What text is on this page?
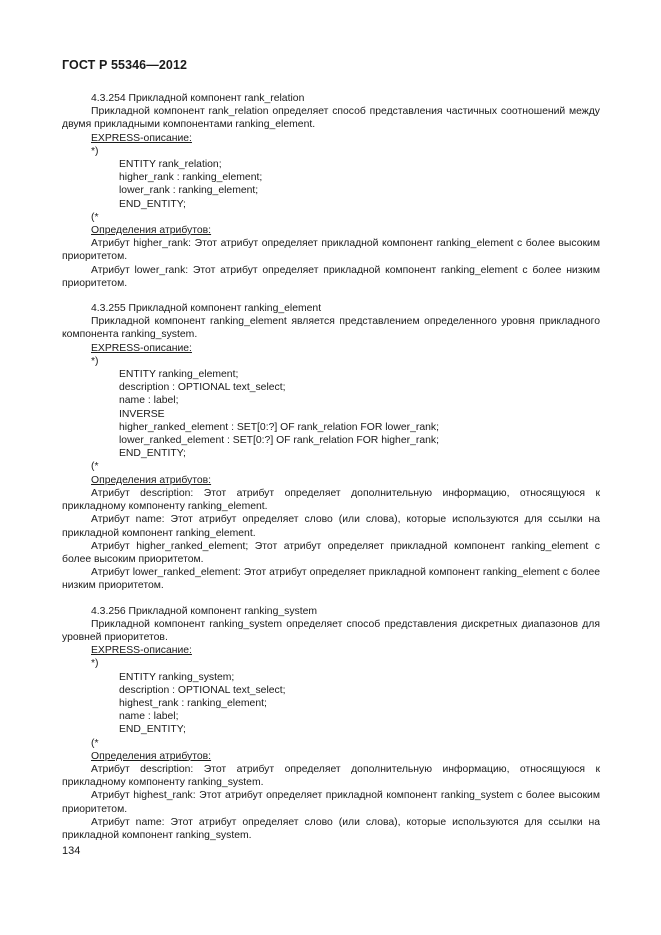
ГОСТ Р 55346—2012

4.3.254 Прикладной компонент rank_relation

Прикладной компонент rank_relation определяет способ представления частичных соотношений между двумя прикладными компонентами ranking_element.

EXPRESS-описание:

*)

ENTITY rank_relation;

higher_rank : ranking_element;

lower_rank : ranking_element;

END_ENTITY;

(*

Определения атрибутов:

Атрибут higher_rank: Этот атрибут определяет прикладной компонент ranking_element с более высоким приоритетом.

Атрибут lower_rank: Этот атрибут определяет прикладной компонент ranking_element с более низким приоритетом.

4.3.255 Прикладной компонент ranking_element

Прикладной компонент ranking_element является представлением определенного уровня прикладного компонента ranking_system.

EXPRESS-описание:

*)

ENTITY ranking_element;

description : OPTIONAL text_select;

name : label;

INVERSE

higher_ranked_element : SET[0:?] OF rank_relation FOR lower_rank;

lower_ranked_element : SET[0:?] OF rank_relation FOR higher_rank;

END_ENTITY;

(*

Определения атрибутов:

Атрибут description: Этот атрибут определяет дополнительную информацию, относящуюся к прикладному компоненту ranking_element.

Атрибут name: Этот атрибут определяет слово (или слова), которые используются для ссылки на прикладной компонент ranking_element.

Атрибут higher_ranked_element; Этот атрибут определяет прикладной компонент ranking_element с более высоким приоритетом.

Атрибут lower_ranked_element: Этот атрибут определяет прикладной компонент ranking_element с более низким приоритетом.

4.3.256 Прикладной компонент ranking_system

Прикладной компонент ranking_system определяет способ представления дискретных диапазонов для уровней приоритетов.

EXPRESS-описание:

*)

ENTITY ranking_system;

description : OPTIONAL text_select;

highest_rank : ranking_element;

name : label;

END_ENTITY;

(*

Определения атрибутов:

Атрибут description: Этот атрибут определяет дополнительную информацию, относящуюся к прикладному компоненту ranking_system.

Атрибут highest_rank: Этот атрибут определяет прикладной компонент ranking_system с более высоким приоритетом.

Атрибут name: Этот атрибут определяет слово (или слова), которые используются для ссылки на прикладной компонент ranking_system.

134
